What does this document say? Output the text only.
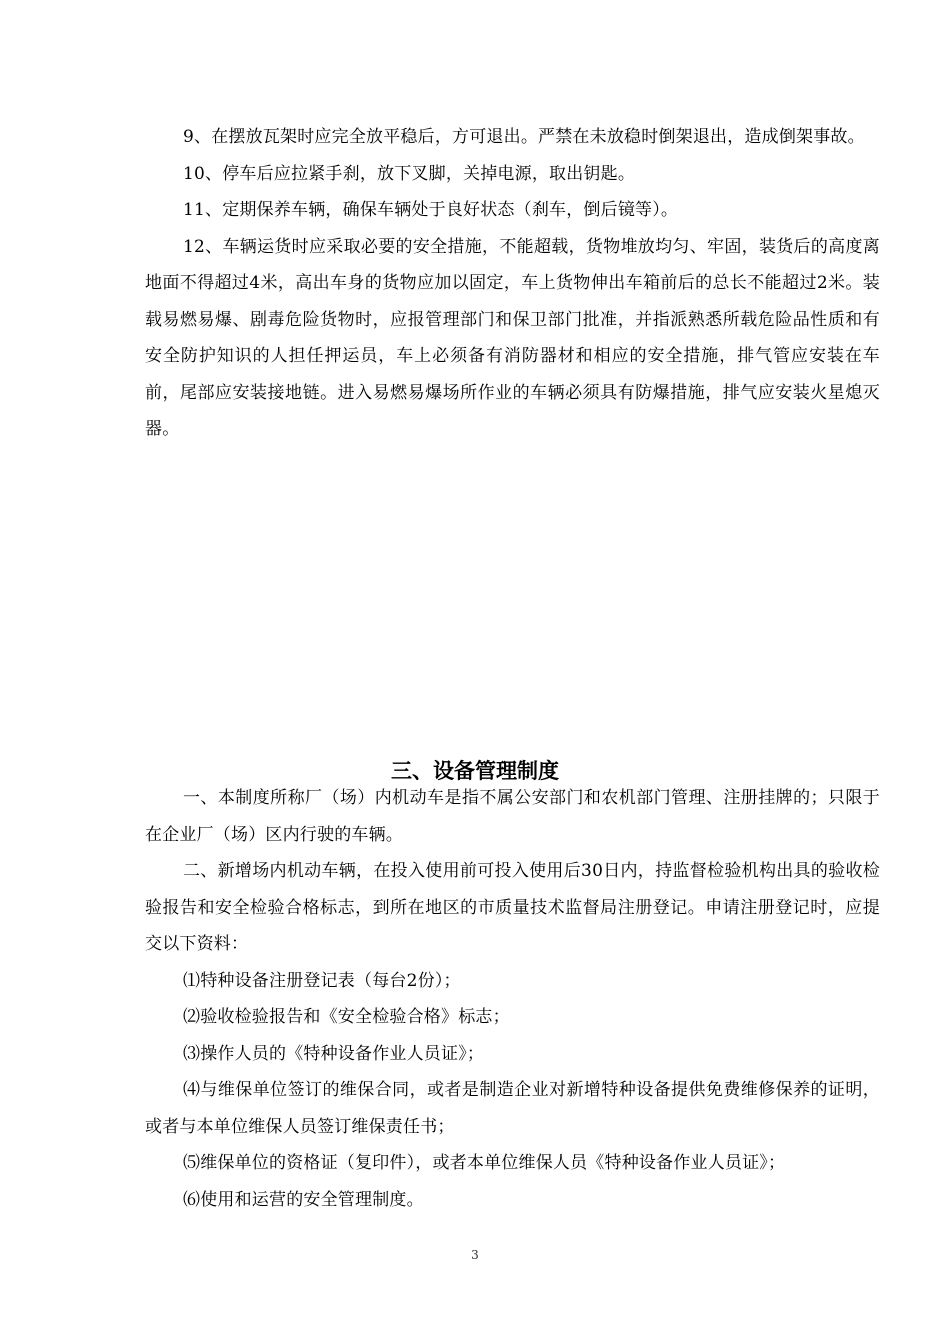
9、在摆放瓦架时应完全放平稳后，方可退出。严禁在未放稳时倒架退出，造成倒架事故。

10、停车后应拉紧手刹，放下叉脚，关掉电源，取出钥匙。

11、定期保养车辆，确保车辆处于良好状态（刹车，倒后镜等）。

12、车辆运货时应采取必要的安全措施，不能超载，货物堆放均匀、牢固，装货后的高度离地面不得超过4米，高出车身的货物应加以固定，车上货物伸出车箱前后的总长不能超过2米。装载易燃易爆、剧毒危险货物时，应报管理部门和保卫部门批准，并指派熟悉所载危险品性质和有安全防护知识的人担任押运员，车上必须备有消防器材和相应的安全措施，排气管应安装在车前，尾部应安装接地链。进入易燃易爆场所作业的车辆必须具有防爆措施，排气应安装火星熄灭器。

三、设备管理制度

一、本制度所称厂（场）内机动车是指不属公安部门和农机部门管理、注册挂牌的；只限于在企业厂（场）区内行驶的车辆。

二、新增场内机动车辆，在投入使用前可投入使用后30日内，持监督检验机构出具的验收检验报告和安全检验合格标志，到所在地区的市质量技术监督局注册登记。申请注册登记时，应提交以下资料：

⑴特种设备注册登记表（每台2份）；

⑵验收检验报告和《安全检验合格》标志；

⑶操作人员的《特种设备作业人员证》；

⑷与维保单位签订的维保合同，或者是制造企业对新增特种设备提供免费维修保养的证明，或者与本单位维保人员签订维保责任书；

⑸维保单位的资格证（复印件），或者本单位维保人员《特种设备作业人员证》；

⑹使用和运营的安全管理制度。

3
